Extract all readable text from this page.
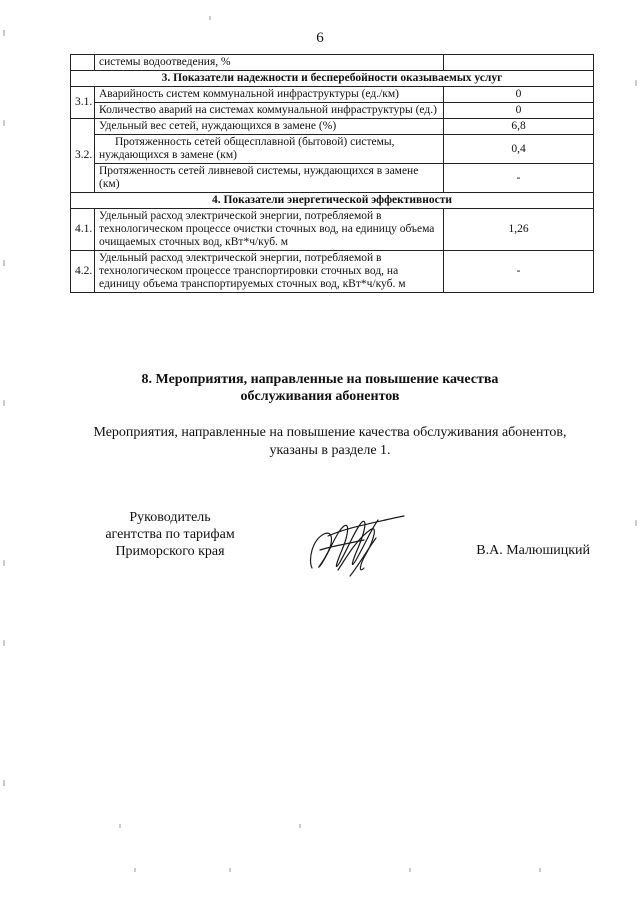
6
	системы водоотведения, %	
3. Показатели надежности и бесперебойности оказываемых услуг		
3.1.	Аварийность систем коммунальной инфраструктуры (ед./км)	0
	Количество аварий на системах коммунальной инфраструктуры (ед.)	0
3.2.	Удельный вес сетей, нуждающихся в замене (%)	6,8
	Протяженность сетей общесплавной (бытовой) системы, нуждающихся в замене (км)	0,4
	Протяженность сетей ливневой системы, нуждающихся в замене (км)	-
4. Показатели энергетической эффективности		
4.1.	Удельный расход электрической энергии, потребляемой в технологическом процессе очистки сточных вод, на единицу объема очищаемых сточных вод, кВт*ч/куб. м	1,26
4.2.	Удельный расход электрической энергии, потребляемой в технологическом процессе транспортировки сточных вод, на единицу объема транспортируемых сточных вод, кВт*ч/куб. м	-
8. Мероприятия, направленные на повышение качества
обслуживания абонентов
Мероприятия, направленные на повышение качества обслуживания абонентов,
указаны в разделе 1.
Руководитель
агентства по тарифам
Приморского края	В.А. Малюшицкий
